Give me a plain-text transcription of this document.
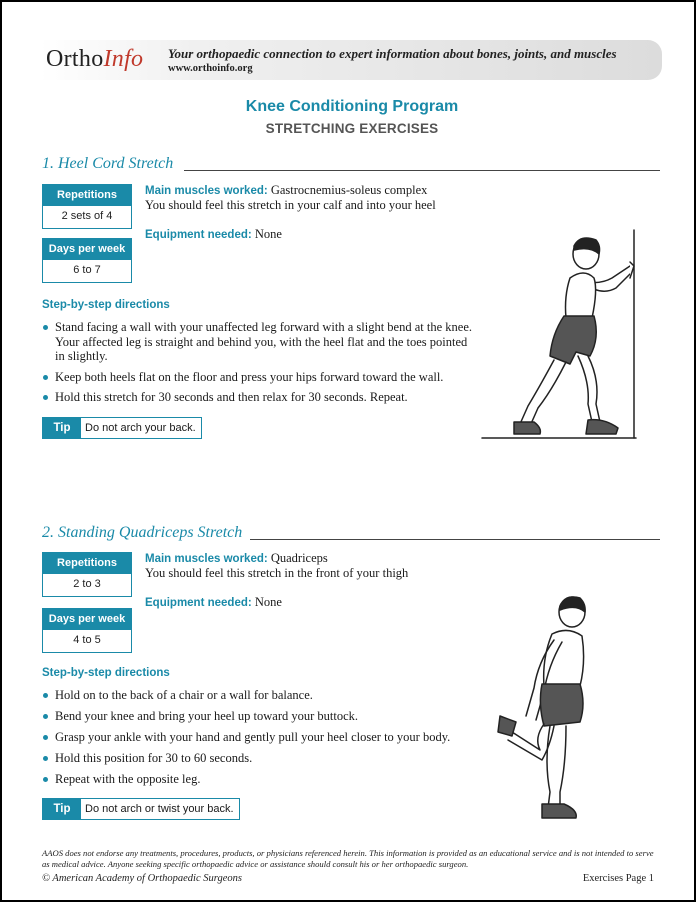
OrthoInfo Your orthopaedic connection to expert information about bones, joints, and muscles
www.orthoinfo.org
Knee Conditioning Program
STRETCHING EXERCISES
1. Heel Cord Stretch
Repetitions
2 sets of 4
Days per week
6 to 7
Main muscles worked: Gastrocnemius-soleus complex
You should feel this stretch in your calf and into your heel
Equipment needed: None
Step-by-step directions
Stand facing a wall with your unaffected leg forward with a slight bend at the knee. Your affected leg is straight and behind you, with the heel flat and the toes pointed in slightly.
Keep both heels flat on the floor and press your hips forward toward the wall.
Hold this stretch for 30 seconds and then relax for 30 seconds. Repeat.
Tip	Do not arch your back.
2. Standing Quadriceps Stretch
Repetitions
2 to 3
Days per week
4 to 5
Main muscles worked: Quadriceps
You should feel this stretch in the front of your thigh
Equipment needed: None
Step-by-step directions
Hold on to the back of a chair or a wall for balance.
Bend your knee and bring your heel up toward your buttock.
Grasp your ankle with your hand and gently pull your heel closer to your body.
Hold this position for 30 to 60 seconds.
Repeat with the opposite leg.
Tip	Do not arch or twist your back.
AAOS does not endorse any treatments, procedures, products, or physicians referenced herein. This information is provided as an educational service and is not intended to serve as medical advice. Anyone seeking specific orthopaedic advice or assistance should consult his or her orthopaedic surgeon.
© American Academy of Orthopaedic Surgeons	Exercises Page 1
